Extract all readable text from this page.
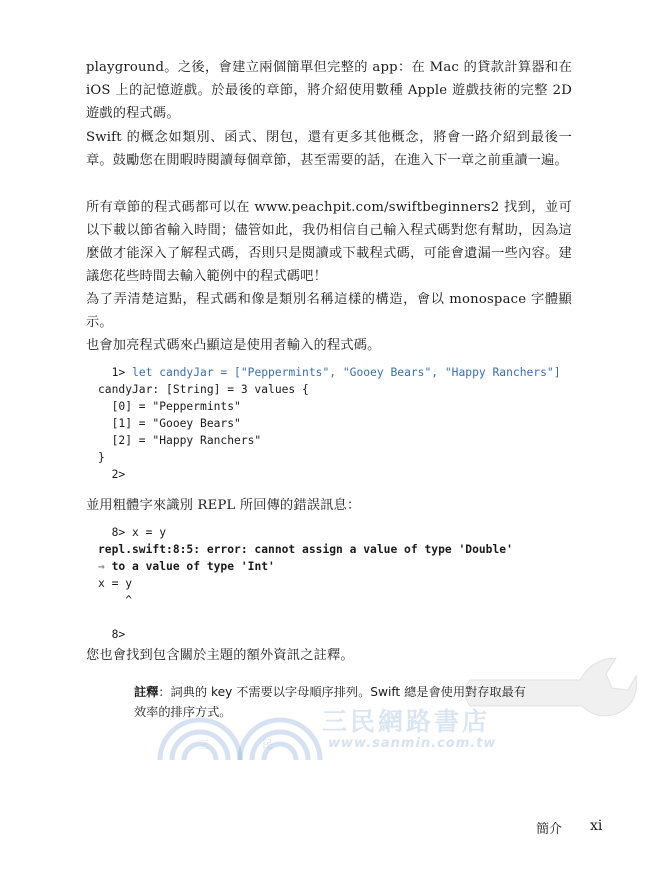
playground。之後，會建立兩個簡單但完整的 app：在 Mac 的貸款計算器和在 iOS 上的記憶遊戲。於最後的章節，將介紹使用數種 Apple 遊戲技術的完整 2D 遊戲的程式碼。

Swift 的概念如類別、函式、閉包，還有更多其他概念，將會一路介紹到最後一章。鼓勵您在閒暇時閱讀每個章節，甚至需要的話，在進入下一章之前重讀一遍。

所有章節的程式碼都可以在 www.peachpit.com/swiftbeginners2 找到，並可以下載以節省輸入時間；儘管如此，我仍相信自己輸入程式碼對您有幫助，因為這麼做才能深入了解程式碼，否則只是閱讀或下載程式碼，可能會遺漏一些內容。建議您花些時間去輸入範例中的程式碼吧！

為了弄清楚這點，程式碼和像是類別名稱這樣的構造，會以 monospace 字體顯示。

也會加亮程式碼來凸顯這是使用者輸入的程式碼。

1> let candyJar = ["Peppermints", "Gooey Bears", "Happy Ranchers"]
candyJar: [String] = 3 values {
[0] = "Peppermints"
[1] = "Gooey Bears"
[2] = "Happy Ranchers"
}
2>

並用粗體字來識別 REPL 所回傳的錯誤訊息：

8> x = y
repl.swift:8:5: error: cannot assign a value of type 'Double'
→ to a value of type 'Int'
x = y
^

8>

您也會找到包含關於主題的額外資訊之註釋。

三	民
三民網路書店
www.sanmin.com.tw

註釋：詞典的 key 不需要以字母順序排列。Swift 總是會使用對存取最有效率的排序方式。

簡介 xi
